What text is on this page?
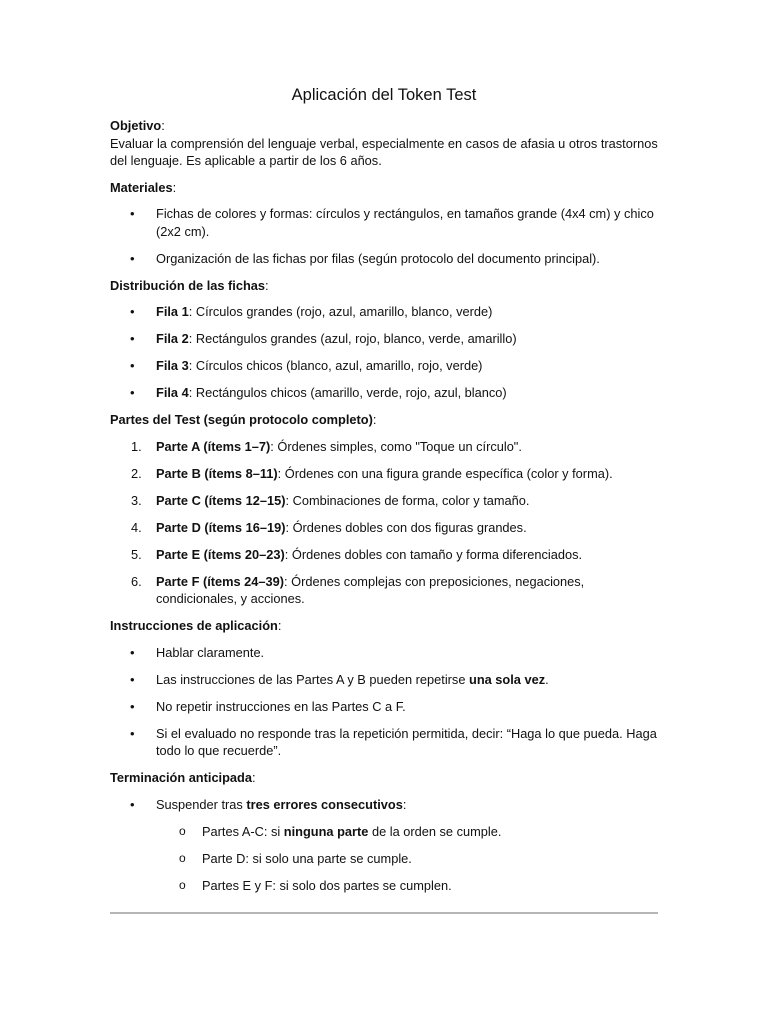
Aplicación del Token Test

Objetivo:

Evaluar la comprensión del lenguaje verbal, especialmente en casos de afasia u otros trastornos del lenguaje. Es aplicable a partir de los 6 años.

Materiales:

•	Fichas de colores y formas: círculos y rectángulos, en tamaños grande (4x4 cm) y chico (2x2 cm).
•	Organización de las fichas por filas (según protocolo del documento principal).

Distribución de las fichas:

•	Fila 1: Círculos grandes (rojo, azul, amarillo, blanco, verde)
•	Fila 2: Rectángulos grandes (azul, rojo, blanco, verde, amarillo)
•	Fila 3: Círculos chicos (blanco, azul, amarillo, rojo, verde)
•	Fila 4: Rectángulos chicos (amarillo, verde, rojo, azul, blanco)

Partes del Test (según protocolo completo):

1.	Parte A (ítems 1–7): Órdenes simples, como "Toque un círculo".
2.	Parte B (ítems 8–11): Órdenes con una figura grande específica (color y forma).
3.	Parte C (ítems 12–15): Combinaciones de forma, color y tamaño.
4.	Parte D (ítems 16–19): Órdenes dobles con dos figuras grandes.
5.	Parte E (ítems 20–23): Órdenes dobles con tamaño y forma diferenciados.
6.	Parte F (ítems 24–39): Órdenes complejas con preposiciones, negaciones, condicionales, y acciones.

Instrucciones de aplicación:

•	Hablar claramente.
•	Las instrucciones de las Partes A y B pueden repetirse una sola vez.
•	No repetir instrucciones en las Partes C a F.
•	Si el evaluado no responde tras la repetición permitida, decir: “Haga lo que pueda. Haga todo lo que recuerde”.

Terminación anticipada:

•	Suspender tras tres errores consecutivos:
o	Partes A-C: si ninguna parte de la orden se cumple.
o	Parte D: si solo una parte se cumple.
o	Partes E y F: si solo dos partes se cumplen.
